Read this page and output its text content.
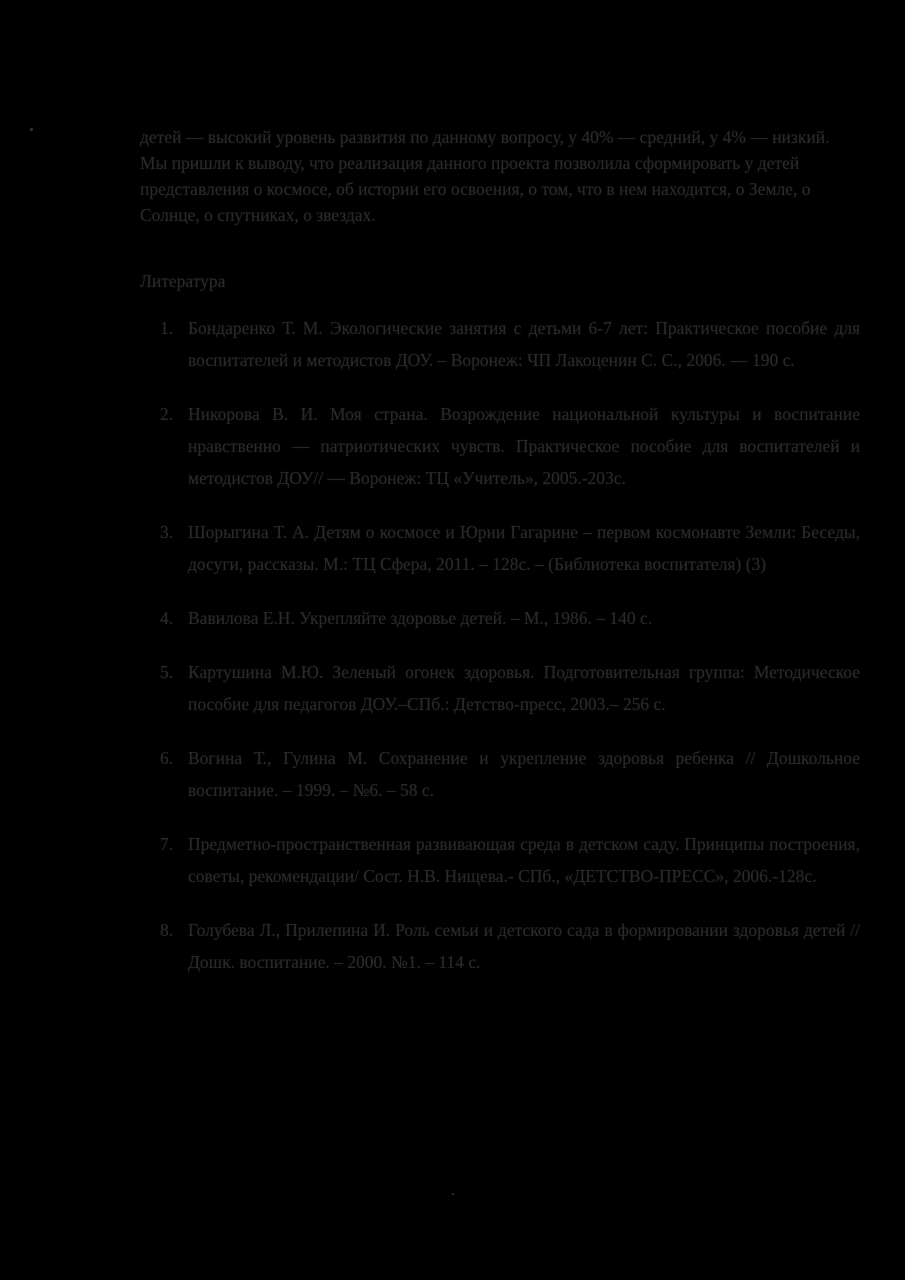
детей — высокий уровень развития по данному вопросу, у 40% — средний, у 4% — низкий. Мы пришли к выводу, что реализация данного проекта позволила сформировать у детей представления о космосе, об истории его освоения, о том, что в нем находится, о Земле, о Солнце, о спутниках, о звездах.

Литература

1. Бондаренко Т. М. Экологические занятия с детьми 6-7 лет: Практическое пособие для воспитателей и методистов ДОУ. – Воронеж: ЧП Лакоценин С. С., 2006. — 190 с.
2. Никорова В. И. Моя страна. Возрождение национальной культуры и воспитание нравственно — патриотических чувств. Практическое пособие для воспитателей и методистов ДОУ// — Воронеж: ТЦ «Учитель», 2005.-203с.
3. Шорыгина Т. А. Детям о космосе и Юрии Гагарине – первом космонавте Земли: Беседы, досуги, рассказы. М.: ТЦ Сфера, 2011. – 128с. – (Библиотека воспитателя) (3)
4. Вавилова Е.Н. Укрепляйте здоровье детей. – М., 1986. – 140 с.
5. Картушина М.Ю. Зеленый огонек здоровья. Подготовительная группа: Методическое пособие для педагогов ДОУ.–СПб.: Детство-пресс, 2003.– 256 с.
6. Вогина Т., Гулина М. Сохранение и укрепление здоровья ребенка // Дошкольное воспитание. – 1999. – №6. – 58 с.
7. Предметно-пространственная развивающая среда в детском саду. Принципы построения, советы, рекомендации/ Сост. Н.В. Нищева.- СПб., «ДЕТСТВО-ПРЕСС», 2006.-128с.
8. Голубева Л., Прилепина И. Роль семьи и детского сада в формировании здоровья детей // Дошк. воспитание. – 2000. №1. – 114 с.
